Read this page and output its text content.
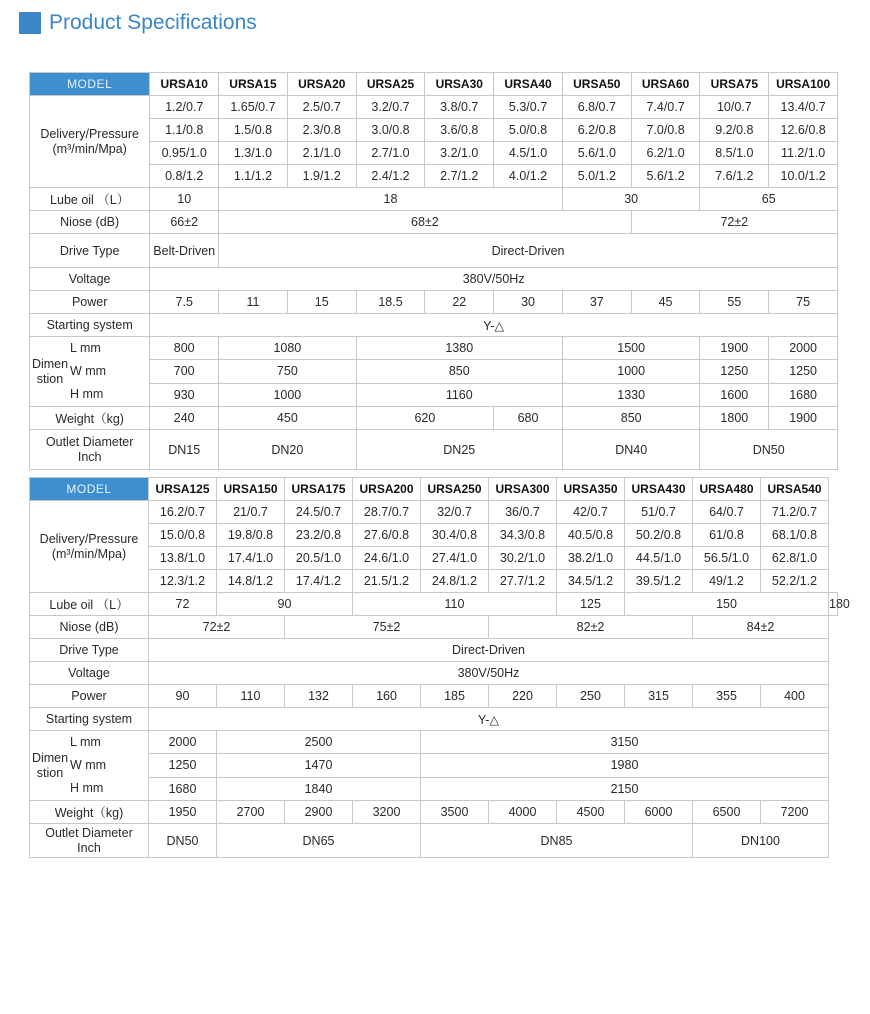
Product Specifications
MODEL	URSA10	URSA15	URSA20	URSA25	URSA30	URSA40	URSA50	URSA60	URSA75	URSA100

Delivery/Pressure
(m³/min/Mpa)
	1.2/0.7	1.65/0.7	2.5/0.7	3.2/0.7	3.8/0.7	5.3/0.7	6.8/0.7	7.4/0.7	10/0.7	13.4/0.7
1.1/0.8	1.5/0.8	2.3/0.8	3.0/0.8	3.6/0.8	5.0/0.8	6.2/0.8	7.0/0.8	9.2/0.8	12.6/0.8
0.95/1.0	1.3/1.0	2.1/1.0	2.7/1.0	3.2/1.0	4.5/1.0	5.6/1.0	6.2/1.0	8.5/1.0	11.2/1.0
0.8/1.2	1.1/1.2	1.9/1.2	2.4/1.2	2.7/1.2	4.0/1.2	5.0/1.2	5.6/1.2	7.6/1.2	10.0/1.2
Lube oil （L）	10	18	30	65
Niose (dB)	66±2	68±2	72±2
Drive Type	Belt-Driven	Direct-Driven
Voltage	380V/50Hz
Power	7.5	11	15	18.5	22	30	37	45	55	75
Starting system	Y-△

Dimen
stion

L mm
W mm
H mm
	800	1080	1380	1500	1900	2000
700	750	850	1000	1250	1250
930	1000	1160	1330	1600	1680
Weight（kg)	240	450	620	680	850	1800	1900

Outlet Diameter
Inch	DN15	DN20	DN25	DN40	DN50
MODEL	URSA125	URSA150	URSA175	URSA200	URSA250	URSA300	URSA350	URSA430	URSA480	URSA540

Delivery/Pressure
(m³/min/Mpa)
	16.2/0.7	21/0.7	24.5/0.7	28.7/0.7	32/0.7	36/0.7	42/0.7	51/0.7	64/0.7	71.2/0.7
15.0/0.8	19.8/0.8	23.2/0.8	27.6/0.8	30.4/0.8	34.3/0.8	40.5/0.8	50.2/0.8	61/0.8	68.1/0.8
13.8/1.0	17.4/1.0	20.5/1.0	24.6/1.0	27.4/1.0	30.2/1.0	38.2/1.0	44.5/1.0	56.5/1.0	62.8/1.0
12.3/1.2	14.8/1.2	17.4/1.2	21.5/1.2	24.8/1.2	27.7/1.2	34.5/1.2	39.5/1.2	49/1.2	52.2/1.2
Lube oil （L）	72	90	110	125	150	180
Niose (dB)	72±2	75±2	82±2	84±2
Drive Type	Direct-Driven
Voltage	380V/50Hz
Power	90	110	132	160	185	220	250	315	355	400
Starting system	Y-△

Dimen
stion

L mm
W mm
H mm
	2000	2500	3150
1250	1470	1980
1680	1840	2150
Weight（kg)	1950	2700	2900	3200	3500	4000	4500	6000	6500	7200

Outlet Diameter
Inch	DN50	DN65	DN85	DN100
